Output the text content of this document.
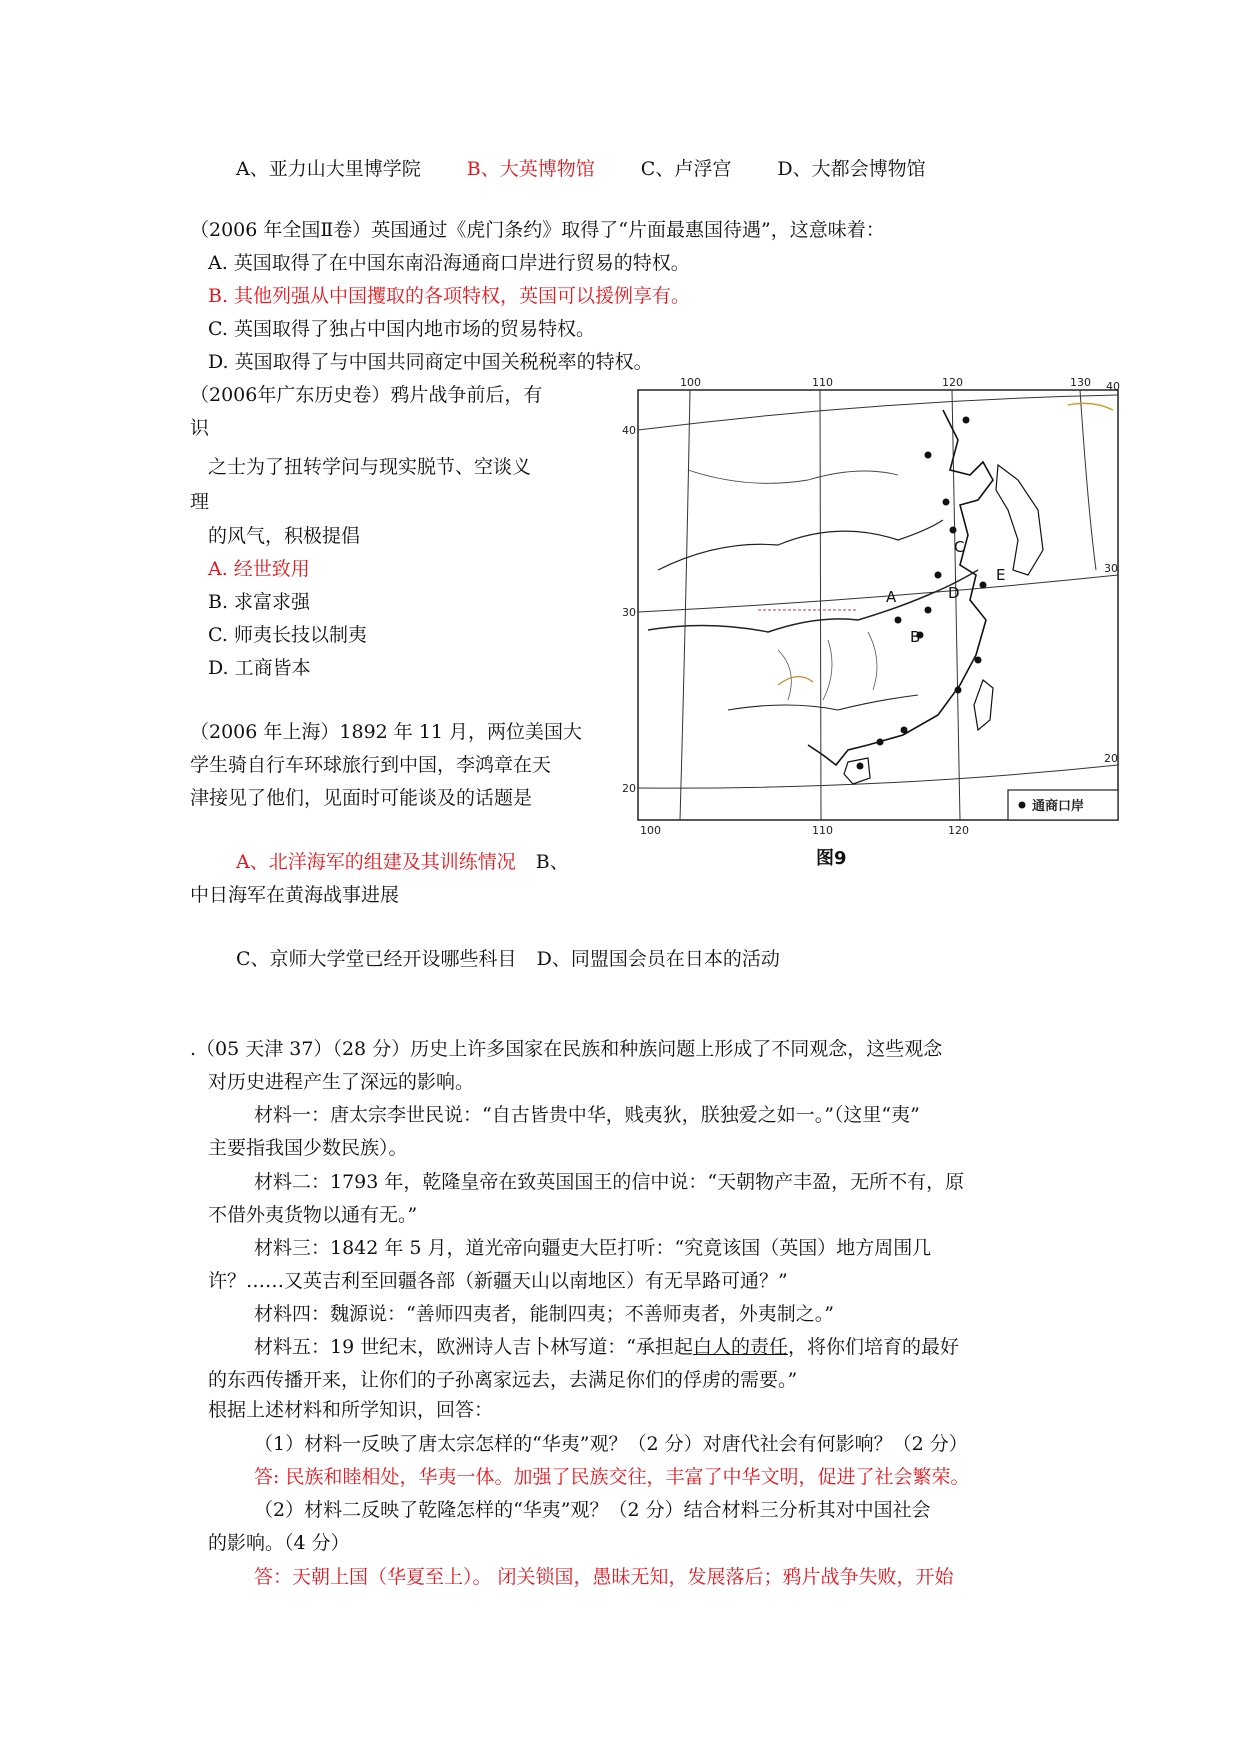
A、亚力山大里博学院 B、大英博物馆 C、卢浮宫 D、大都会博物馆
（2006 年全国Ⅱ卷）英国通过《虎门条约》取得了“片面最惠国待遇”，这意味着：
A. 英国取得了在中国东南沿海通商口岸进行贸易的特权。
B. 其他列强从中国攫取的各项特权，英国可以援例享有。
C. 英国取得了独占中国内地市场的贸易特权。
D. 英国取得了与中国共同商定中国关税税率的特权。
（2006年广东历史卷）鸦片战争前后，有
识
之士为了扭转学问与现实脱节、空谈义
理
的风气，积极提倡
A. 经世致用
B. 求富求强
C. 师夷长技以制夷
D. 工商皆本
（2006 年上海）1892 年 11 月，两位美国大
学生骑自行车环球旅行到中国，李鸿章在天
津接见了他们，见面时可能谈及的话题是
A、北洋海军的组建及其训练情况 B、
中日海军在黄海战事进展
C、京师大学堂已经开设哪些科目 D、同盟国会员在日本的活动
A
B
C
D
E
100	110	120	130
100	110	120
40
30
20
40
30
20
通商口岸
图9
.（05 天津 37）（28 分）历史上许多国家在民族和种族问题上形成了不同观念，这些观念
对历史进程产生了深远的影响。
材料一：唐太宗李世民说：“自古皆贵中华，贱夷狄，朕独爱之如一。”（这里“夷”
主要指我国少数民族）。
材料二：1793 年，乾隆皇帝在致英国国王的信中说：“天朝物产丰盈，无所不有，原
不借外夷货物以通有无。”
材料三：1842 年 5 月，道光帝向疆吏大臣打听：“究竟该国（英国）地方周围几
许？……又英吉利至回疆各部（新疆天山以南地区）有无旱路可通？”
材料四：魏源说：“善师四夷者，能制四夷；不善师夷者，外夷制之。”
材料五：19 世纪末，欧洲诗人吉卜林写道：“承担起白人的责任，将你们培育的最好
的东西传播开来，让你们的子孙离家远去，去满足你们的俘虏的需要。”
根据上述材料和所学知识，回答：
（1）材料一反映了唐太宗怎样的“华夷”观？（2 分）对唐代社会有何影响？（2 分）
答: 民族和睦相处，华夷一体。加强了民族交往，丰富了中华文明，促进了社会繁荣。
（2）材料二反映了乾隆怎样的“华夷”观？（2 分）结合材料三分析其对中国社会
的影响。（4 分）
答：天朝上国（华夏至上）。 闭关锁国，愚昧无知，发展落后；鸦片战争失败，开始
